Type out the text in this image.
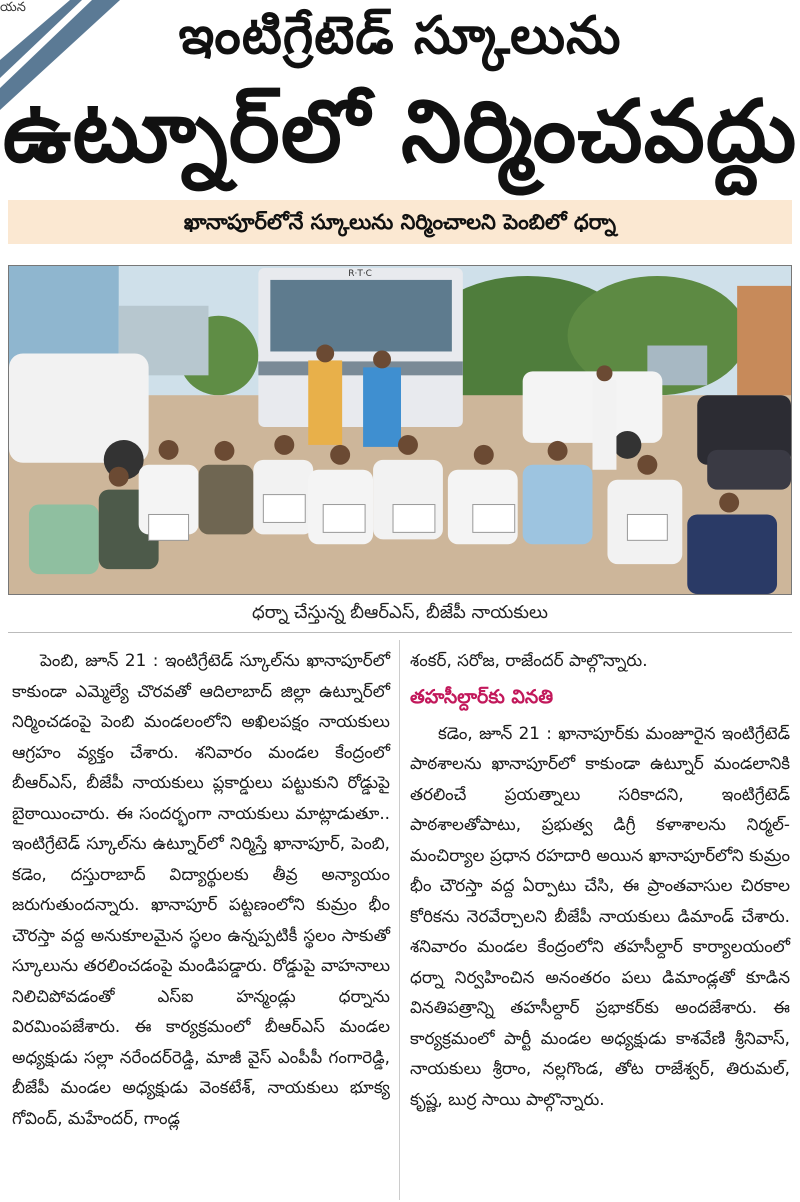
యన	ఇంటిగ్రేటెడ్ స్కూలును
ఉట్నూర్‌లో నిర్మించవద్దు
ఖానాపూర్‌లోనే స్కూలును నిర్మించాలని పెంబిలో ధర్నా
R·T·C
ధర్నా చేస్తున్న బీఆర్ఎస్, బీజేపీ నాయకులు

పెంబి, జూన్ 21 : ఇంటిగ్రేటెడ్ స్కూల్‌ను ఖానాపూర్‌లో కాకుండా ఎమ్మెల్యే చొరవతో ఆదిలాబాద్ జిల్లా ఉట్నూర్‌లో నిర్మించడంపై పెంబి మండలంలోని అఖిలపక్షం నాయకులు ఆగ్రహం వ్యక్తం చేశారు. శనివారం మండల కేంద్రంలో బీఆర్ఎస్, బీజేపీ నాయకులు ప్లకార్డులు పట్టుకుని రోడ్డుపై బైఠాయించారు. ఈ సందర్భంగా నాయకులు మాట్లాడుతూ.. ఇంటిగ్రేటెడ్ స్కూల్‌ను ఉట్నూర్‌లో నిర్మిస్తే ఖానాపూర్, పెంబి, కడెం, దస్తురాబాద్ విద్యార్థులకు తీవ్ర అన్యాయం జరుగుతుందన్నారు. ఖానాపూర్ పట్టణంలోని కుమ్రం భీం చౌరస్తా వద్ద అనుకూలమైన స్థలం ఉన్నప్పటికీ స్థలం సాకుతో స్కూలును తరలించడంపై మండిపడ్డారు. రోడ్డుపై వాహనాలు నిలిచిపోవడంతో ఎస్ఐ హన్మండ్లు ధర్నాను విరమింపజేశారు. ఈ కార్యక్రమంలో బీఆర్ఎస్ మండల అధ్యక్షుడు సల్లా నరేందర్‌రెడ్డి, మాజీ వైస్ ఎంపీపీ గంగారెడ్డి, బీజేపీ మండల అధ్యక్షుడు వెంకటేశ్, నాయకులు భూక్య గోవింద్, మహేందర్, గాండ్ల

శంకర్, సరోజ, రాజేందర్ పాల్గొన్నారు.

తహసీల్దార్‌కు వినతి

కడెం, జూన్ 21 : ఖానాపూర్‌కు మంజూరైన ఇంటిగ్రేటెడ్ పాఠశాలను ఖానాపూర్‌లో కాకుండా ఉట్నూర్ మండలానికి తరలించే ప్రయత్నాలు సరికాదని, ఇంటిగ్రేటెడ్ పాఠశాలతోపాటు, ప్రభుత్వ డిగ్రీ కళాశాలను నిర్మల్-మంచిర్యాల ప్రధాన రహదారి అయిన ఖానాపూర్‌లోని కుమ్రం భీం చౌరస్తా వద్ద ఏర్పాటు చేసి, ఈ ప్రాంతవాసుల చిరకాల కోరికను నెరవేర్చాలని బీజేపీ నాయకులు డిమాండ్ చేశారు. శనివారం మండల కేంద్రంలోని తహసీల్దార్ కార్యాలయంలో ధర్నా నిర్వహించిన అనంతరం పలు డిమాండ్లతో కూడిన వినతిపత్రాన్ని తహసీల్దార్ ప్రభాకర్‌కు అందజేశారు. ఈ కార్యక్రమంలో పార్టీ మండల అధ్యక్షుడు కాశవేణి శ్రీనివాస్, నాయకులు శ్రీరాం, నల్లగొండ, తోట రాజేశ్వర్, తిరుమల్, కృష్ణ, బుర్ర సాయి పాల్గొన్నారు.
